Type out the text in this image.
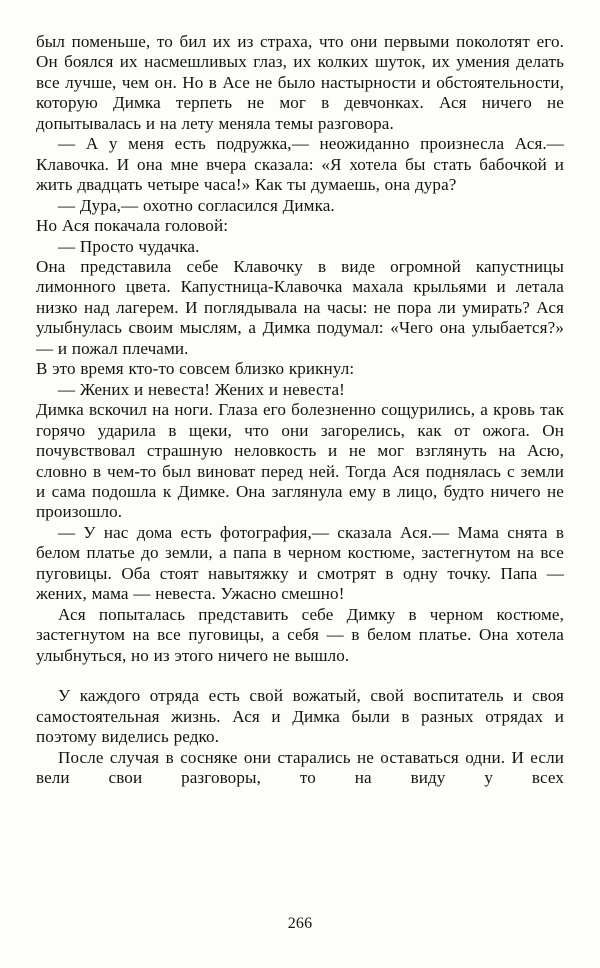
был поменьше, то бил их из страха, что они первыми поколотят его. Он боялся их насмешливых глаз, их колких шуток, их умения делать все лучше, чем он. Но в Асе не было настырности и обстоятельности, которую Димка терпеть не мог в девчонках. Ася ничего не допытывалась и на лету меняла темы разговора.

— А у меня есть подружка,— неожиданно произнесла Ася.— Клавочка. И она мне вчера сказала: «Я хотела бы стать бабочкой и жить двадцать четыре часа!» Как ты думаешь, она дура?

— Дура,— охотно согласился Димка.

Но Ася покачала головой:

— Просто чудачка.

Она представила себе Клавочку в виде огромной капустницы лимонного цвета. Капустница-Клавочка махала крыльями и летала низко над лагерем. И поглядывала на часы: не пора ли умирать? Ася улыбнулась своим мыслям, а Димка подумал: «Чего она улыбается?» — и пожал плечами.

В это время кто-то совсем близко крикнул:

— Жених и невеста! Жених и невеста!

Димка вскочил на ноги. Глаза его болезненно сощурились, а кровь так горячо ударила в щеки, что они загорелись, как от ожога. Он почувствовал страшную неловкость и не мог взглянуть на Асю, словно в чем-то был виноват перед ней. Тогда Ася поднялась с земли и сама подошла к Димке. Она заглянула ему в лицо, будто ничего не произошло.

— У нас дома есть фотография,— сказала Ася.— Мама снята в белом платье до земли, а папа в черном костюме, застегнутом на все пуговицы. Оба стоят навытяжку и смотрят в одну точку. Папа — жених, мама — невеста. Ужасно смешно!

Ася попыталась представить себе Димку в черном костюме, застегнутом на все пуговицы, а себя — в белом платье. Она хотела улыбнуться, но из этого ничего не вышло.

У каждого отряда есть свой вожатый, свой воспитатель и своя самостоятельная жизнь. Ася и Димка были в разных отрядах и поэтому виделись редко.

После случая в сосняке они старались не оставаться одни. И если вели свои разговоры, то на виду у всех

266
